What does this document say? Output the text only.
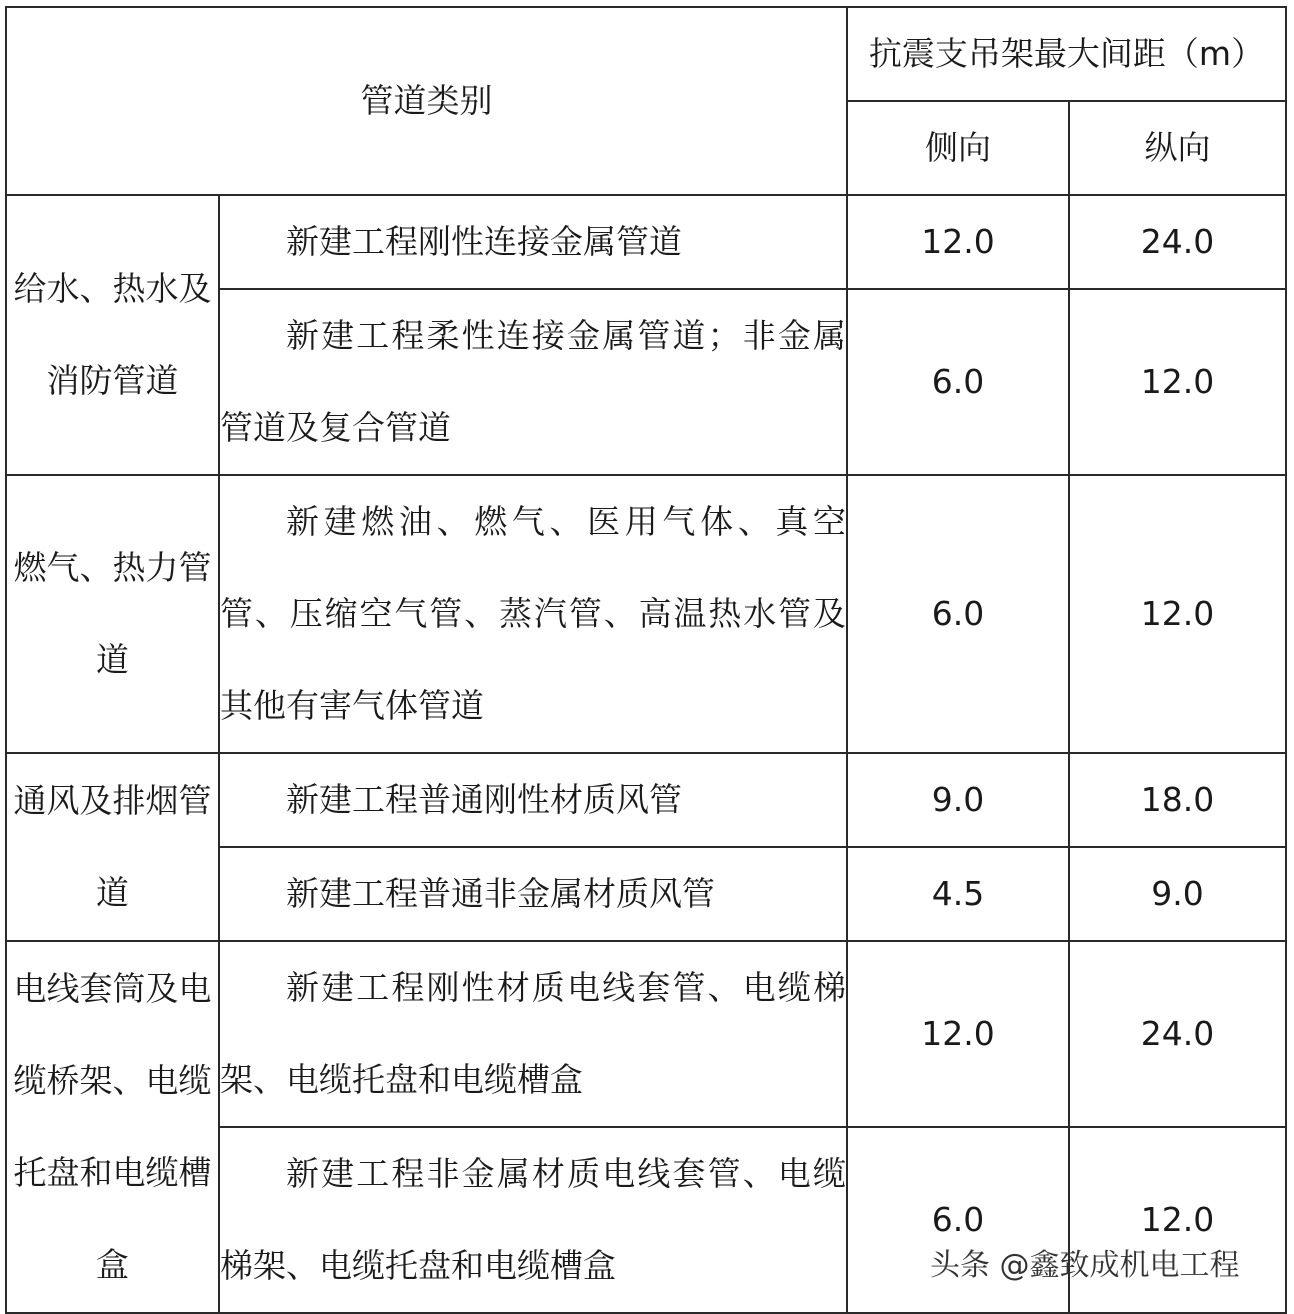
管道类别		抗震支吊架最大间距（m）	
		侧向	纵向
给水、热水及消防管道	新建工程刚性连接金属管道	12.0	24.0

	新建工程柔性连接金属管道；非金属管道及复合管道	6.0	12.0
燃气、热力管道	新建燃油、燃气、医用气体、真空管、压缩空气管、蒸汽管、高温热水管及其他有害气体管道	6.0	12.0
通风及排烟管道	新建工程普通刚性材质风管	9.0	18.0

	新建工程普通非金属材质风管	4.5	9.0
电线套筒及电缆桥架、电缆托盘和电缆槽盒	新建工程刚性材质电线套管、电缆梯架、电缆托盘和电缆槽盒	12.0	24.0

	新建工程非金属材质电线套管、电缆梯架、电缆托盘和电缆槽盒	6.0	12.0
头条 @鑫致成机电工程
